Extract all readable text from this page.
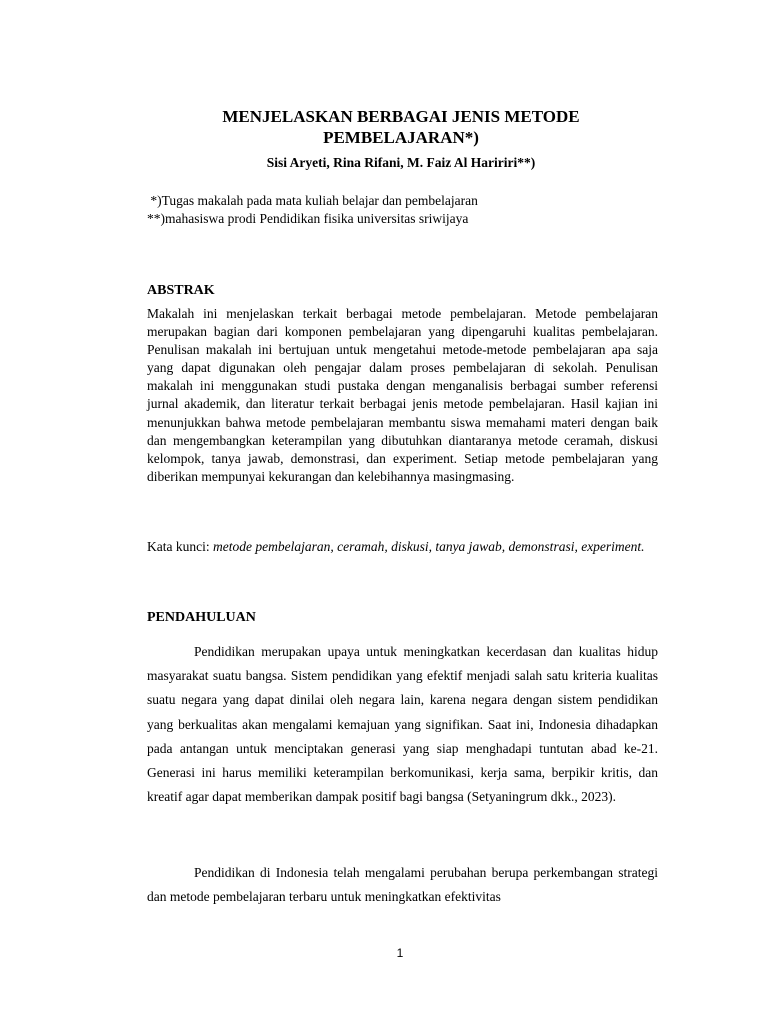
MENJELASKAN BERBAGAI JENIS METODE PEMBELAJARAN*)
Sisi Aryeti, Rina Rifani, M. Faiz Al Haririri**)
*)Tugas makalah pada mata kuliah belajar dan pembelajaran
**)mahasiswa prodi Pendidikan fisika universitas sriwijaya
ABSTRAK

Makalah ini menjelaskan terkait berbagai metode pembelajaran. Metode pembelajaran merupakan bagian dari komponen pembelajaran yang dipengaruhi kualitas pembelajaran. Penulisan makalah ini bertujuan untuk mengetahui metode-metode pembelajaran apa saja yang dapat digunakan oleh pengajar dalam proses pembelajaran di sekolah. Penulisan makalah ini menggunakan studi pustaka dengan menganalisis berbagai sumber referensi jurnal akademik, dan literatur terkait berbagai jenis metode pembelajaran. Hasil kajian ini menunjukkan bahwa metode pembelajaran membantu siswa memahami materi dengan baik dan mengembangkan keterampilan yang dibutuhkan diantaranya metode ceramah, diskusi kelompok, tanya jawab, demonstrasi, dan experiment. Setiap metode pembelajaran yang diberikan mempunyai kekurangan dan kelebihannya masingmasing.

Kata kunci: metode pembelajaran, ceramah, diskusi, tanya jawab, demonstrasi, experiment.

PENDAHULUAN

Pendidikan merupakan upaya untuk meningkatkan kecerdasan dan kualitas hidup masyarakat suatu bangsa. Sistem pendidikan yang efektif menjadi salah satu kriteria kualitas suatu negara yang dapat dinilai oleh negara lain, karena negara dengan sistem pendidikan yang berkualitas akan mengalami kemajuan yang signifikan. Saat ini, Indonesia dihadapkan pada antangan untuk menciptakan generasi yang siap menghadapi tuntutan abad ke-21. Generasi ini harus memiliki keterampilan berkomunikasi, kerja sama, berpikir kritis, dan kreatif agar dapat memberikan dampak positif bagi bangsa (Setyaningrum dkk., 2023).

Pendidikan di Indonesia telah mengalami perubahan berupa perkembangan strategi dan metode pembelajaran terbaru untuk meningkatkan efektivitas

1
